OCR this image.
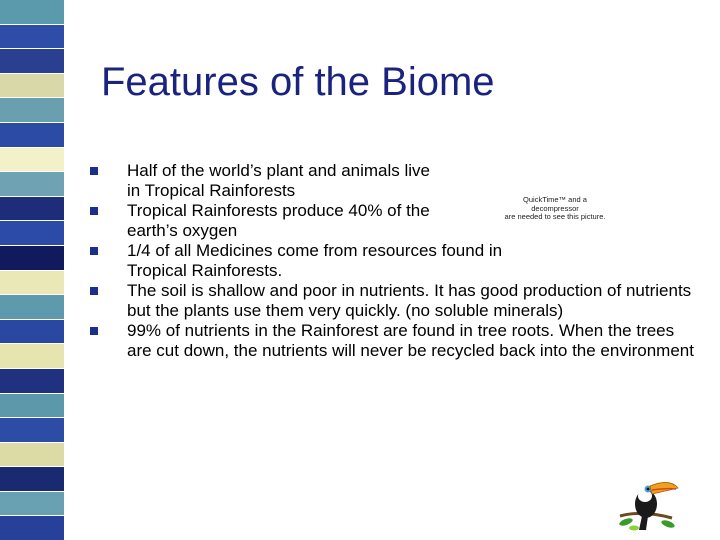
Features of the Biome
Half of the world’s plant and animals live in Tropical Rainforests
Tropical Rainforests produce 40% of the earth’s oxygen
1/4 of all Medicines come from resources found in Tropical Rainforests.
The soil is shallow and poor in nutrients. It has good production of nutrients but the plants use them very quickly. (no soluble minerals)
99% of nutrients in the Rainforest are found in tree roots. When the trees are cut down, the nutrients will never be recycled back into the environment
QuickTime™ and a
decompressor
are needed to see this picture.
